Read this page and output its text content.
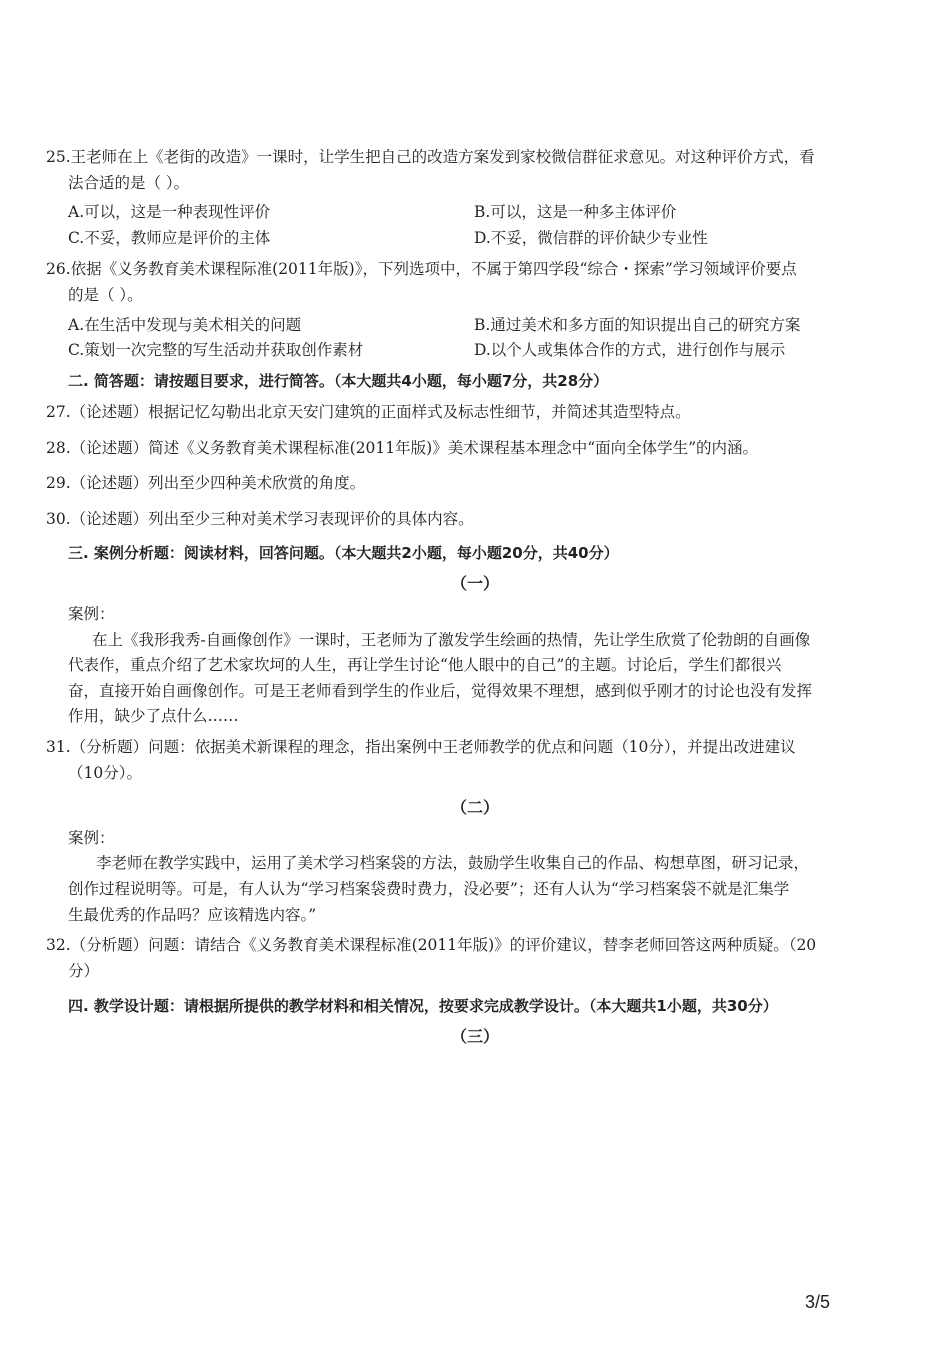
25.王老师在上《老街的改造》一课时，让学生把自己的改造方案发到家校微信群征求意见。对这种评价方式，看
法合适的是（ ）。
A.可以，这是一种表现性评价	B.可以，这是一种多主体评价
C.不妥，教师应是评价的主体	D.不妥，微信群的评价缺少专业性
26.依据《义务教育美术课程际准(2011年版)》，下列选项中，不属于第四学段“综合・探索”学习领域评价要点
的是（ ）。
A.在生活中发现与美术相关的问题	B.通过美术和多方面的知识提出自己的研究方案
C.策划一次完整的写生活动并获取创作素材	D.以个人或集体合作的方式，进行创作与展示
二. 简答题：请按题目要求，进行简答。（本大题共4小题，每小题7分，共28分）
27.（论述题）根据记忆勾勒出北京天安门建筑的正面样式及标志性细节，并简述其造型特点。
28.（论述题）简述《义务教育美术课程标准(2011年版)》美术课程基本理念中“面向全体学生”的内涵。
29.（论述题）列出至少四种美术欣赏的角度。
30.（论述题）列出至少三种对美术学习表现评价的具体内容。
三. 案例分析题：阅读材料，回答问题。（本大题共2小题，每小题20分，共40分）
（一）
案例：
在上《我形我秀-自画像创作》一课时，王老师为了激发学生绘画的热情，先让学生欣赏了伦勃朗的自画像
代表作，重点介绍了艺术家坎坷的人生，再让学生讨论“他人眼中的自己”的主题。讨论后，学生们都很兴
奋，直接开始自画像创作。可是王老师看到学生的作业后，觉得效果不理想，感到似乎刚才的讨论也没有发挥
作用，缺少了点什么……
31.（分析题）问题：依据美术新课程的理念，指出案例中王老师教学的优点和问题（10分），并提出改进建议
（10分）。
（二）
案例：
李老师在教学实践中，运用了美术学习档案袋的方法，鼓励学生收集自己的作品、构想草图，研习记录，
创作过程说明等。可是，有人认为“学习档案袋费时费力，没必要”；还有人认为“学习档案袋不就是汇集学
生最优秀的作品吗？应该精选内容。”
32.（分析题）问题：请结合《义务教育美术课程标准(2011年版)》的评价建议，替李老师回答这两种质疑。（20
分）
四. 教学设计题：请根据所提供的教学材料和相关情况，按要求完成教学设计。（本大题共1小题，共30分）
（三）
3/5
